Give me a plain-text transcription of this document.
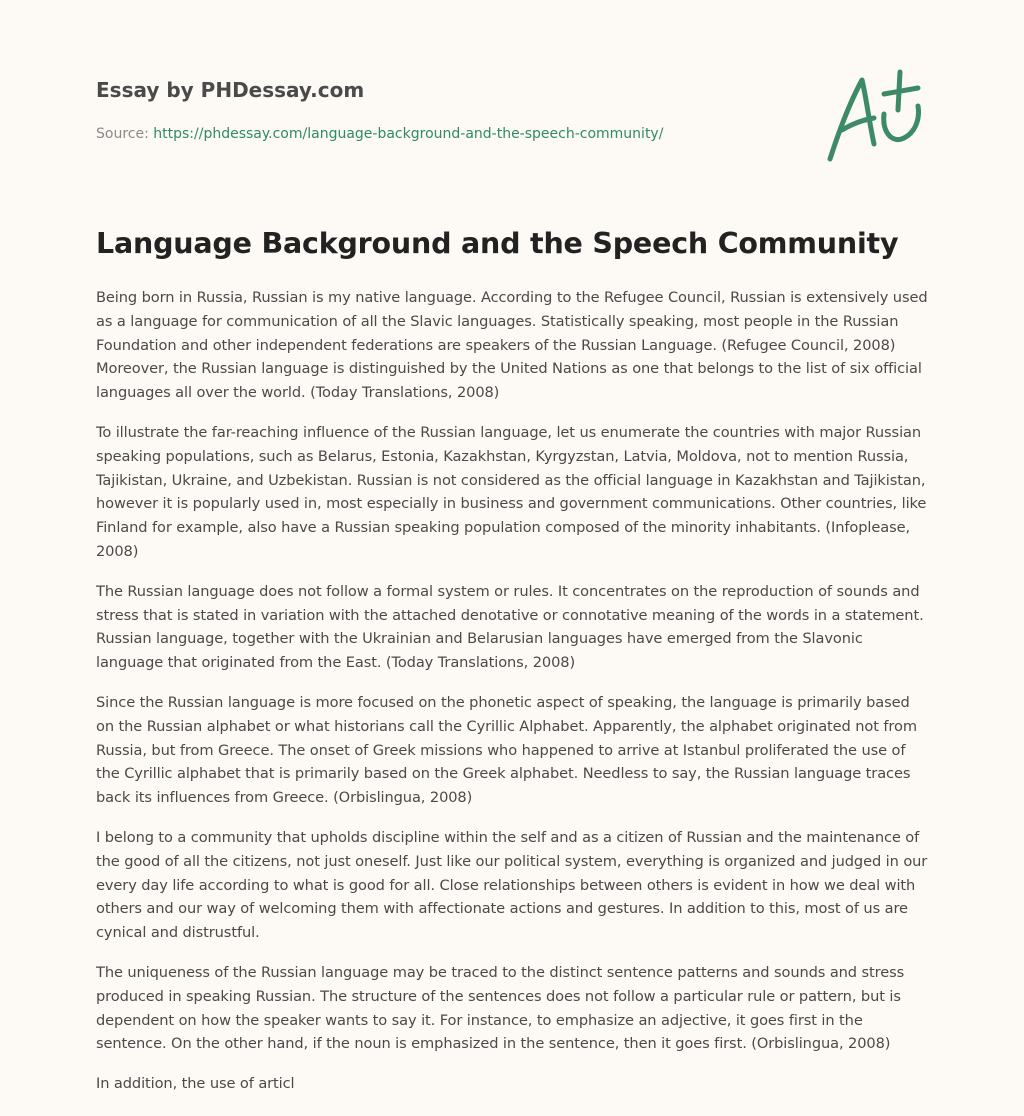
Essay by PHDessay.com
Source: https://phdessay.com/language-background-and-the-speech-community/
Language Background and the Speech Community

Being born in Russia, Russian is my native language. According to the Refugee Council, Russian is extensively used as a language for communication of all the Slavic languages. Statistically speaking, most people in the Russian Foundation and other independent federations are speakers of the Russian Language. (Refugee Council, 2008) Moreover, the Russian language is distinguished by the United Nations as one that belongs to the list of six official languages all over the world. (Today Translations, 2008)

To illustrate the far-reaching influence of the Russian language, let us enumerate the countries with major Russian speaking populations, such as Belarus, Estonia, Kazakhstan, Kyrgyzstan, Latvia, Moldova, not to mention Russia, Tajikistan, Ukraine, and Uzbekistan. Russian is not considered as the official language in Kazakhstan and Tajikistan, however it is popularly used in, most especially in business and government communications. Other countries, like Finland for example, also have a Russian speaking population composed of the minority inhabitants. (Infoplease, 2008)

The Russian language does not follow a formal system or rules. It concentrates on the reproduction of sounds and stress that is stated in variation with the attached denotative or connotative meaning of the words in a statement. Russian language, together with the Ukrainian and Belarusian languages have emerged from the Slavonic language that originated from the East. (Today Translations, 2008)

Since the Russian language is more focused on the phonetic aspect of speaking, the language is primarily based on the Russian alphabet or what historians call the Cyrillic Alphabet. Apparently, the alphabet originated not from Russia, but from Greece. The onset of Greek missions who happened to arrive at Istanbul proliferated the use of the Cyrillic alphabet that is primarily based on the Greek alphabet. Needless to say, the Russian language traces back its influences from Greece. (Orbislingua, 2008)

I belong to a community that upholds discipline within the self and as a citizen of Russian and the maintenance of the good of all the citizens, not just oneself. Just like our political system, everything is organized and judged in our every day life according to what is good for all. Close relationships between others is evident in how we deal with others and our way of welcoming them with affectionate actions and gestures. In addition to this, most of us are cynical and distrustful.

The uniqueness of the Russian language may be traced to the distinct sentence patterns and sounds and stress produced in speaking Russian. The structure of the sentences does not follow a particular rule or pattern, but is dependent on how the speaker wants to say it. For instance, to emphasize an adjective, it goes first in the sentence. On the other hand, if the noun is emphasized in the sentence, then it goes first. (Orbislingua, 2008)

In addition, the use of articl
